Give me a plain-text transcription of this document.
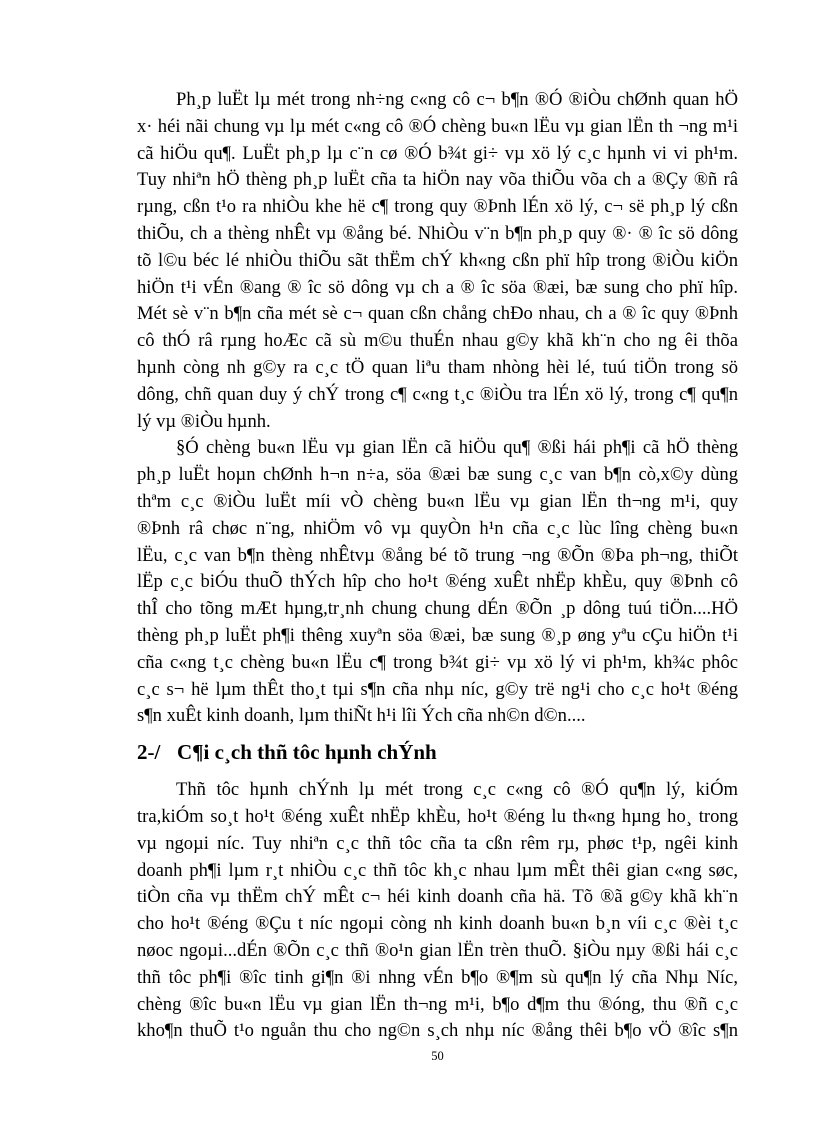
Ph¸p luËt lµ mét trong nh÷ng c«ng cô c¬ b¶n ®Ó ®iÒu chØnh quan hÖ
x· héi nãi chung vµ lµ mét c«ng cô ®Ó chèng bu«n lËu vµ gian lËn th ¬ng m¹i
cã hiÖu qu¶. LuËt ph¸p lµ c¨n cø ®Ó b¾t gi÷ vµ xö lý c¸c hµnh vi vi ph¹m.
Tuy nhiªn hÖ thèng ph¸p luËt cña ta hiÖn nay võa thiÕu võa ch a ®Çy ®ñ râ
rµng, cßn t¹o ra nhiÒu khe hë c¶ trong quy ®Þnh lÉn xö lý, c¬ së ph¸p lý cßn
thiÕu, ch a thèng nhÊt vµ ®ång bé. NhiÒu v¨n b¶n ph¸p quy ®· ® îc sö dông
tõ l©u béc lé nhiÒu thiÕu sãt thËm chÝ kh«ng cßn phï hîp trong ®iÒu kiÖn
hiÖn t¹i vÉn ®ang ® îc sö dông vµ ch a ® îc söa ®æi, bæ sung cho phï hîp.
Mét sè v¨n b¶n cña mét sè c¬ quan cßn chång chÐo nhau, ch a ® îc quy ®Þnh
cô thÓ râ rµng hoÆc cã sù m©u thuÉn nhau g©y khã kh¨n cho ng êi thõa
hµnh còng nh g©y ra c¸c tÖ quan liªu tham nhòng hèi lé, tuú tiÖn trong sö
dông, chñ quan duy ý chÝ trong c¶ c«ng t¸c ®iÒu tra lÉn xö lý, trong c¶ qu¶n
lý vµ ®iÒu hµnh.
§Ó chèng bu«n lËu vµ gian lËn cã hiÖu qu¶ ®ßi hái ph¶i cã hÖ thèng
ph¸p luËt hoµn chØnh h¬n n÷a, söa ®æi bæ sung c¸c van b¶n cò,x©y dùng
thªm c¸c ®iÒu luËt míi vÒ chèng bu«n lËu vµ gian lËn th¬ng m¹i, quy
®Þnh râ chøc n¨ng, nhiÖm vô vµ quyÒn h¹n cña c¸c lùc lîng chèng bu«n
lËu, c¸c van b¶n thèng nhÊtvµ ®ång bé tõ trung ¬ng ®Õn ®Þa ph¬ng, thiÕt
lËp c¸c biÓu thuÕ thÝch hîp cho ho¹t ®éng xuÊt nhËp khÈu, quy ®Þnh cô
thÎ cho tõng mÆt hµng,tr¸nh chung chung dÉn ®Õn ¸p dông tuú tiÖn....HÖ
thèng ph¸p luËt ph¶i thêng xuyªn söa ®æi, bæ sung ®¸p øng yªu cÇu hiÖn t¹i
cña c«ng t¸c chèng bu«n lËu c¶ trong b¾t gi÷ vµ xö lý vi ph¹m, kh¾c phôc
c¸c s¬ hë lµm thÊt tho¸t tµi s¶n cña nhµ níc, g©y trë ng¹i cho c¸c ho¹t ®éng
s¶n xuÊt kinh doanh, lµm thiÑt h¹i lîi Ých cña nh©n d©n....
2-/ C¶i c¸ch thñ tôc hµnh chÝnh
Thñ tôc hµnh chÝnh lµ mét trong c¸c c«ng cô ®Ó qu¶n lý, kiÓm
tra,kiÓm so¸t ho¹t ®éng xuÊt nhËp khÈu, ho¹t ®éng lu th«ng hµng ho¸ trong
vµ ngoµi níc. Tuy nhiªn c¸c thñ tôc cña ta cßn rêm rµ, phøc t¹p, ngêi kinh
doanh ph¶i lµm r¸t nhiÒu c¸c thñ tôc kh¸c nhau lµm mÊt thêi gian c«ng søc,
tiÒn cña vµ thËm chÝ mÊt c¬ héi kinh doanh cña hä. Tõ ®ã g©y khã kh¨n
cho ho¹t ®éng ®Çu t níc ngoµi còng nh kinh doanh bu«n b¸n víi c¸c ®èi t¸c
nøoc ngoµi...dÉn ®Õn c¸c thñ ®o¹n gian lËn trèn thuÕ. §iÒu nµy ®ßi hái c¸c
thñ tôc ph¶i ®îc tinh gi¶n ®i nhng vÉn b¶o ®¶m sù qu¶n lý cña Nhµ Níc,
chèng ®îc bu«n lËu vµ gian lËn th¬ng m¹i, b¶o d¶m thu ®óng, thu ®ñ c¸c
kho¶n thuÕ t¹o nguån thu cho ng©n s¸ch nhµ níc ®ång thêi b¶o vÖ ®îc s¶n
50
